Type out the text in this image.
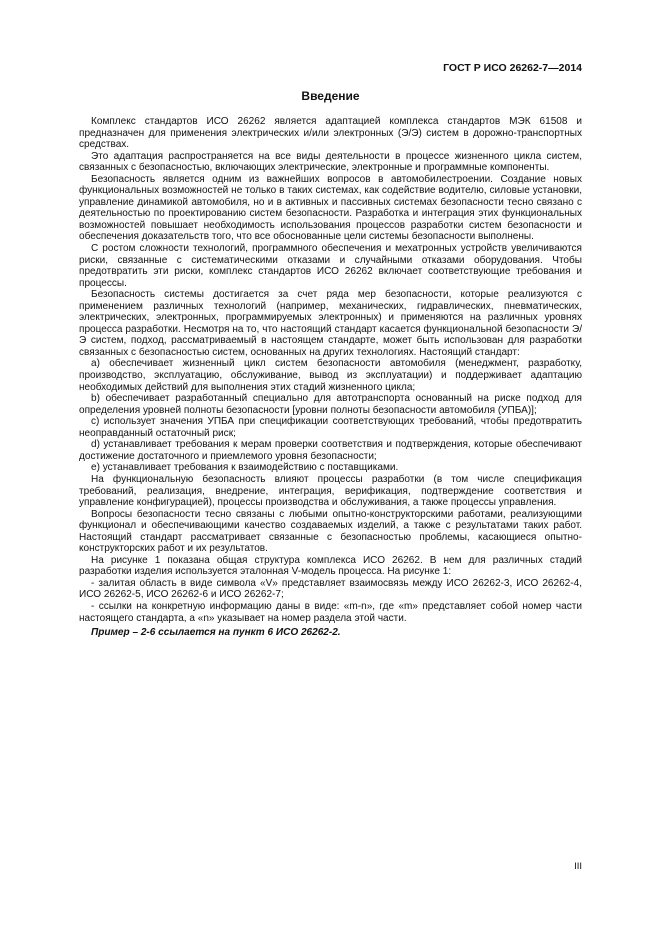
ГОСТ Р ИСО 26262-7—2014
Введение

Комплекс стандартов ИСО 26262 является адаптацией комплекса стандартов МЭК 61508 и предназначен для применения электрических и/или электронных (Э/Э) систем в дорожно-транспортных средствах.

Это адаптация распространяется на все виды деятельности в процессе жизненного цикла систем, связанных с безопасностью, включающих электрические, электронные и программные компоненты.

Безопасность является одним из важнейших вопросов в автомобилестроении. Создание новых функциональных возможностей не только в таких системах, как содействие водителю, силовые установки, управление динамикой автомобиля, но и в активных и пассивных системах безопасности тесно связано с деятельностью по проектированию систем безопасности. Разработка и интеграция этих функциональных возможностей повышает необходимость использования процессов разработки систем безопасности и обеспечения доказательств того, что все обоснованные цели системы безопасности выполнены.

С ростом сложности технологий, программного обеспечения и мехатронных устройств увеличиваются риски, связанные с систематическими отказами и случайными отказами оборудования. Чтобы предотвратить эти риски, комплекс стандартов ИСО 26262 включает соответствующие требования и процессы.

Безопасность системы достигается за счет ряда мер безопасности, которые реализуются с применением различных технологий (например, механических, гидравлических, пневматических, электрических, электронных, программируемых электронных) и применяются на различных уровнях процесса разработки. Несмотря на то, что настоящий стандарт касается функциональной безопасности Э/Э систем, подход, рассматриваемый в настоящем стандарте, может быть использован для разработки связанных с безопасностью систем, основанных на других технологиях. Настоящий стандарт:

a) обеспечивает жизненный цикл систем безопасности автомобиля (менеджмент, разработку, производство, эксплуатацию, обслуживание, вывод из эксплуатации) и поддерживает адаптацию необходимых действий для выполнения этих стадий жизненного цикла;

b) обеспечивает разработанный специально для автотранспорта основанный на риске подход для определения уровней полноты безопасности [уровни полноты безопасности автомобиля (УПБА)];

c) использует значения УПБА при спецификации соответствующих требований, чтобы предотвратить неоправданный остаточный риск;

d) устанавливает требования к мерам проверки соответствия и подтверждения, которые обеспечивают достижение достаточного и приемлемого уровня безопасности;

e) устанавливает требования к взаимодействию с поставщиками.

На функциональную безопасность влияют процессы разработки (в том числе спецификация требований, реализация, внедрение, интеграция, верификация, подтверждение соответствия и управление конфигурацией), процессы производства и обслуживания, а также процессы управления.

Вопросы безопасности тесно связаны с любыми опытно-конструкторскими работами, реализующими функционал и обеспечивающими качество создаваемых изделий, а также с результатами таких работ. Настоящий стандарт рассматривает связанные с безопасностью проблемы, касающиеся опытно-конструкторских работ и их результатов.

На рисунке 1 показана общая структура комплекса ИСО 26262. В нем для различных стадий разработки изделия используется эталонная V-модель процесса. На рисунке 1:

- залитая область в виде символа «V» представляет взаимосвязь между ИСО 26262-3, ИСО 26262-4, ИСО 26262-5, ИСО 26262-6 и ИСО 26262-7;

- ссылки на конкретную информацию даны в виде: «m-n», где «m» представляет собой номер части настоящего стандарта, а «n» указывает на номер раздела этой части.

Пример – 2-6 ссылается на пункт 6 ИСО 26262-2.

III
